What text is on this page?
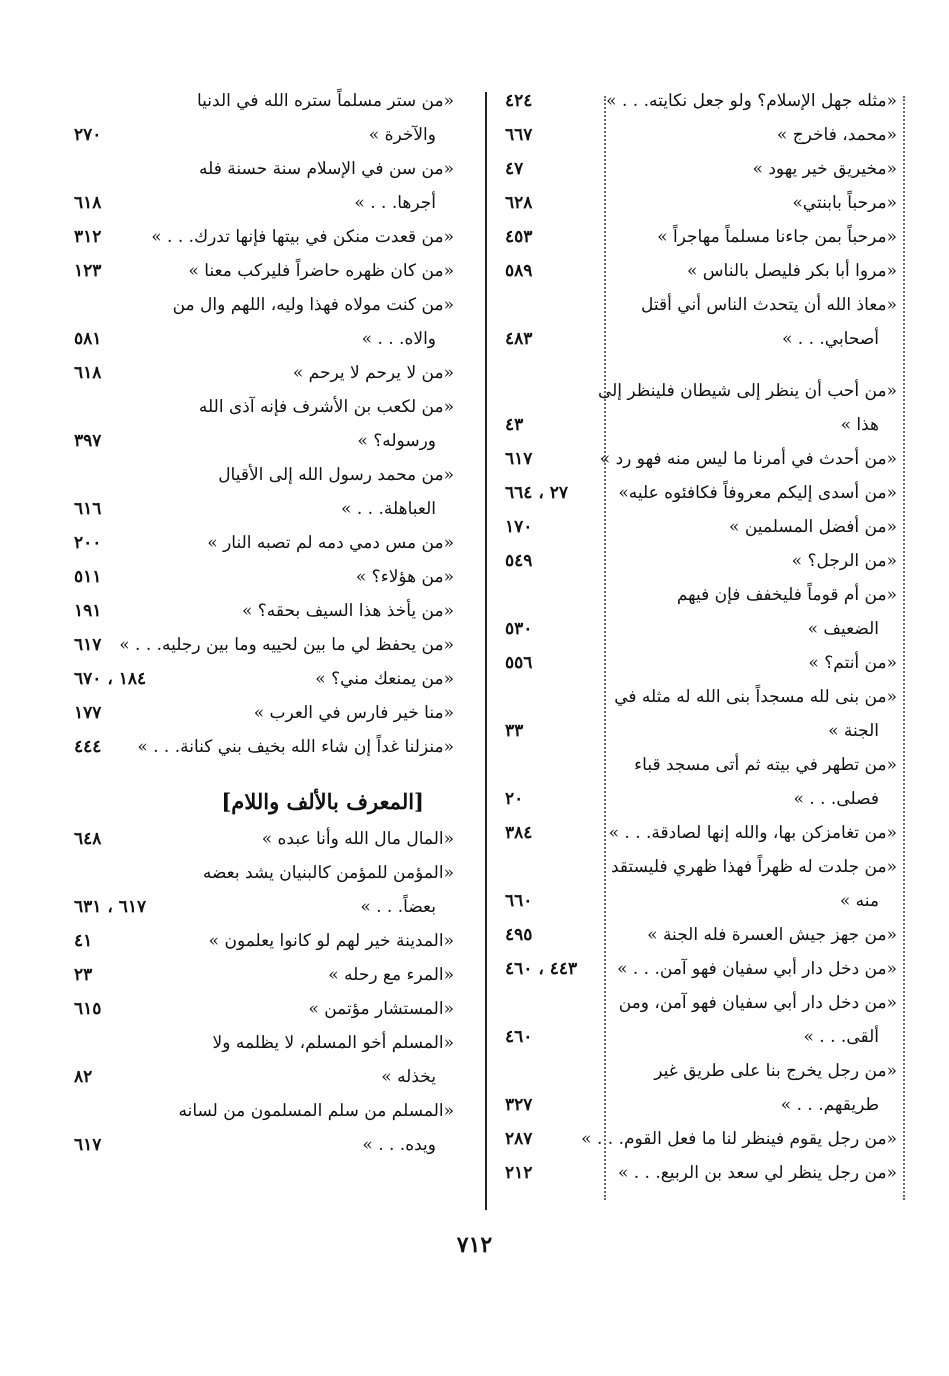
«مثله جهل الإسلام؟ ولو جعل نكايته. . . »
٤٢٤
«محمد، فاخرج »
٦٦٧
«مخيريق خير يهود »
٤٧
«مرحباً بابنتي»
٦٢٨
«مرحباً بمن جاءنا مسلماً مهاجراً »
٤٥٣
«مروا أبا بكر فليصل بالناس »
٥٨٩
«معاذ الله أن يتحدث الناس أني أقتل
أصحابي. . . »
٤٨٣
«من أحب أن ينظر إلى شيطان فلينظر إلى
هذا »
٤٣
«من أحدث في أمرنا ما ليس منه فهو رد »
٦١٧
«من أسدى إليكم معروفاً فكافئوه عليه»
٢٧ ، ٦٦٤
«من أفضل المسلمين »
١٧٠
«من الرجل؟ »
٥٤٩
«من أم قوماً فليخفف فإن فيهم
الضعيف »
٥٣٠
«من أنتم؟ »
٥٥٦
«من بنى لله مسجداً بنى الله له مثله في
الجنة »
٣٣
«من تطهر في بيته ثم أتى مسجد قباء
فصلى. . . »
٢٠
«من تغامزكن بها، والله إنها لصادقة. . . »
٣٨٤
«من جلدت له ظهراً فهذا ظهري فليستقد
منه »
٦٦٠
«من جهز جيش العسرة فله الجنة »
٤٩٥
«من دخل دار أبي سفيان فهو آمن. . . »
٤٤٣ ، ٤٦٠
«من دخل دار أبي سفيان فهو آمن، ومن
ألقى. . . »
٤٦٠
«من رجل يخرج بنا على طريق غير
طريقهم. . . »
٣٢٧
«من رجل يقوم فينظر لنا ما فعل القوم. . . »
٢٨٧
«من رجل ينظر لي سعد بن الربيع. . . »
٢١٢
«من ستر مسلماً ستره الله في الدنيا
والآخرة »
٢٧٠
«من سن في الإسلام سنة حسنة فله
أجرها. . . »
٦١٨
«من قعدت منكن في بيتها فإنها تدرك. . . »
٣١٢
«من كان ظهره حاضراً فليركب معنا »
١٢٣
«من كنت مولاه فهذا وليه، اللهم وال من
والاه. . . »
٥٨١
«من لا يرحم لا يرحم »
٦١٨
«من لكعب بن الأشرف فإنه آذى الله
ورسوله؟ »
٣٩٧
«من محمد رسول الله إلى الأقيال
العباهلة. . . »
٦١٦
«من مس دمي دمه لم تصبه النار »
٢٠٠
«من هؤلاء؟ »
٥١١
«من يأخذ هذا السيف بحقه؟ »
١٩١
«من يحفظ لي ما بين لحييه وما بين رجليه. . . »
٦١٧
«من يمنعك مني؟ »
١٨٤ ، ٦٧٠
«منا خير فارس في العرب »
١٧٧
«منزلنا غداً إن شاء الله بخيف بني كنانة. . . »
٤٤٤
[المعرف بالألف واللام]
«المال مال الله وأنا عبده »
٦٤٨
«المؤمن للمؤمن كالبنيان يشد بعضه
بعضاً. . . »
٦١٧ ، ٦٣١
«المدينة خير لهم لو كانوا يعلمون »
٤١
«المرء مع رحله »
٢٣
«المستشار مؤتمن »
٦١٥
«المسلم أخو المسلم، لا يظلمه ولا
يخذله »
٨٢
«المسلم من سلم المسلمون من لسانه
ويده. . . »
٦١٧
٧١٢
